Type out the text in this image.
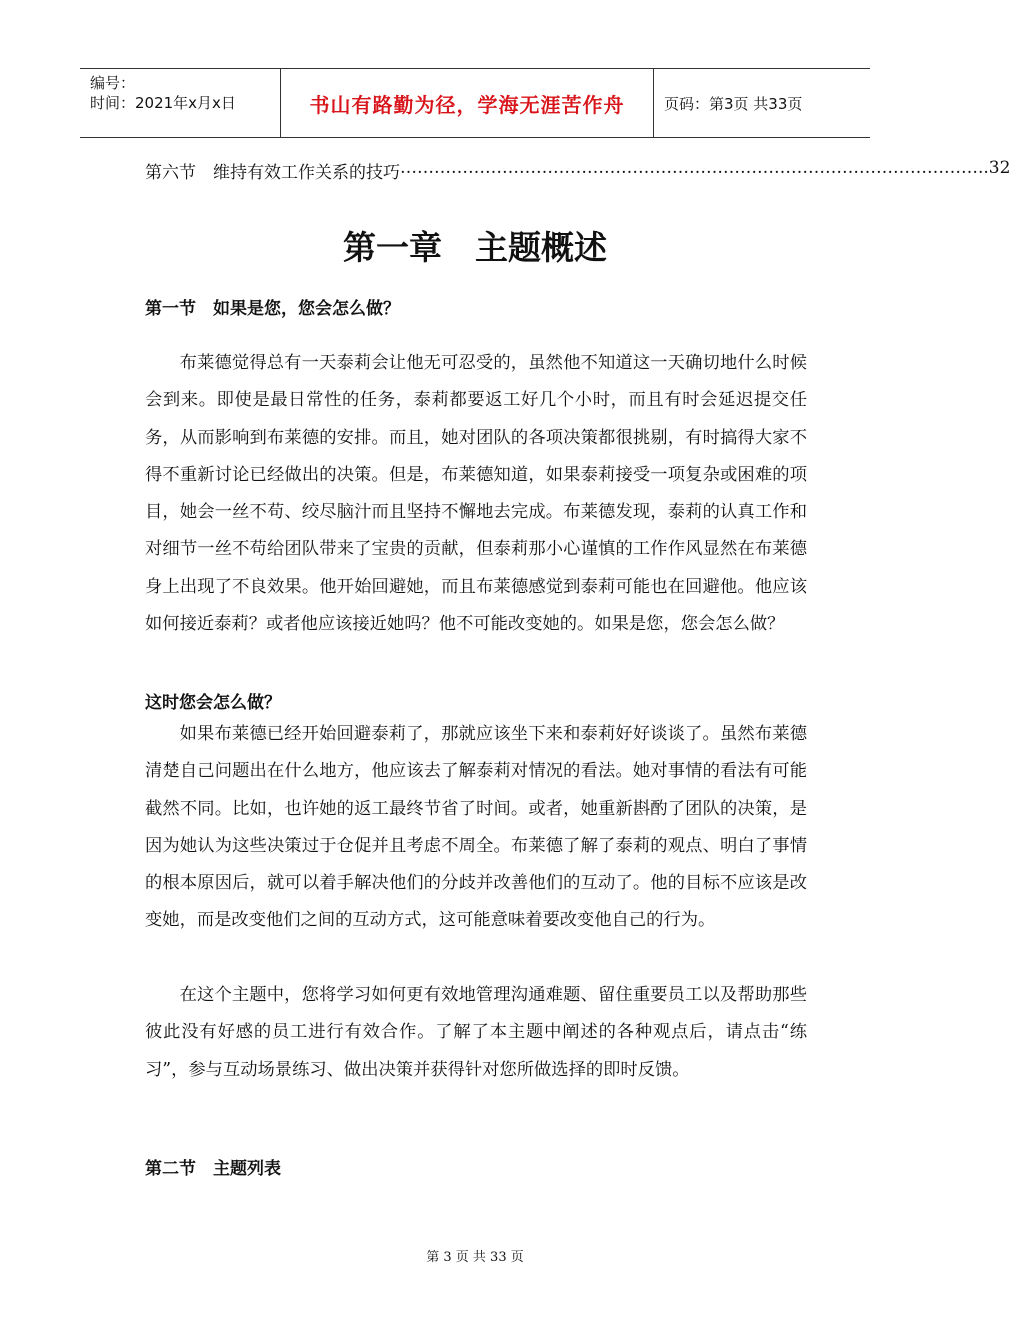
编号：
时间：2021年x月x日	书山有路勤为径，学海无涯苦作舟	页码：第3页 共33页
第六节　维持有效工作关系的技巧 ………………………………………………………………………………………… ..32
第一章　主题概述
第一节　如果是您，您会怎么做？

布莱德觉得总有一天泰莉会让他无可忍受的，虽然他不知道这一天确切地什么时候会到来。即使是最日常性的任务，泰莉都要返工好几个小时，而且有时会延迟提交任务，从而影响到布莱德的安排。而且，她对团队的各项决策都很挑剔，有时搞得大家不得不重新讨论已经做出的决策。但是，布莱德知道，如果泰莉接受一项复杂或困难的项目，她会一丝不苟、绞尽脑汁而且坚持不懈地去完成。布莱德发现，泰莉的认真工作和对细节一丝不苟给团队带来了宝贵的贡献，但泰莉那小心谨慎的工作作风显然在布莱德身上出现了不良效果。他开始回避她，而且布莱德感觉到泰莉可能也在回避他。他应该如何接近泰莉？或者他应该接近她吗？他不可能改变她的。如果是您，您会怎么做？

这时您会怎么做？

如果布莱德已经开始回避泰莉了，那就应该坐下来和泰莉好好谈谈了。虽然布莱德清楚自己问题出在什么地方，他应该去了解泰莉对情况的看法。她对事情的看法有可能截然不同。比如，也许她的返工最终节省了时间。或者，她重新斟酌了团队的决策，是因为她认为这些决策过于仓促并且考虑不周全。布莱德了解了泰莉的观点、明白了事情的根本原因后，就可以着手解决他们的分歧并改善他们的互动了。他的目标不应该是改变她，而是改变他们之间的互动方式，这可能意味着要改变他自己的行为。

在这个主题中，您将学习如何更有效地管理沟通难题、留住重要员工以及帮助那些彼此没有好感的员工进行有效合作。了解了本主题中阐述的各种观点后，请点击“练习”，参与互动场景练习、做出决策并获得针对您所做选择的即时反馈。

第二节　主题列表
第 3 页 共 33 页
